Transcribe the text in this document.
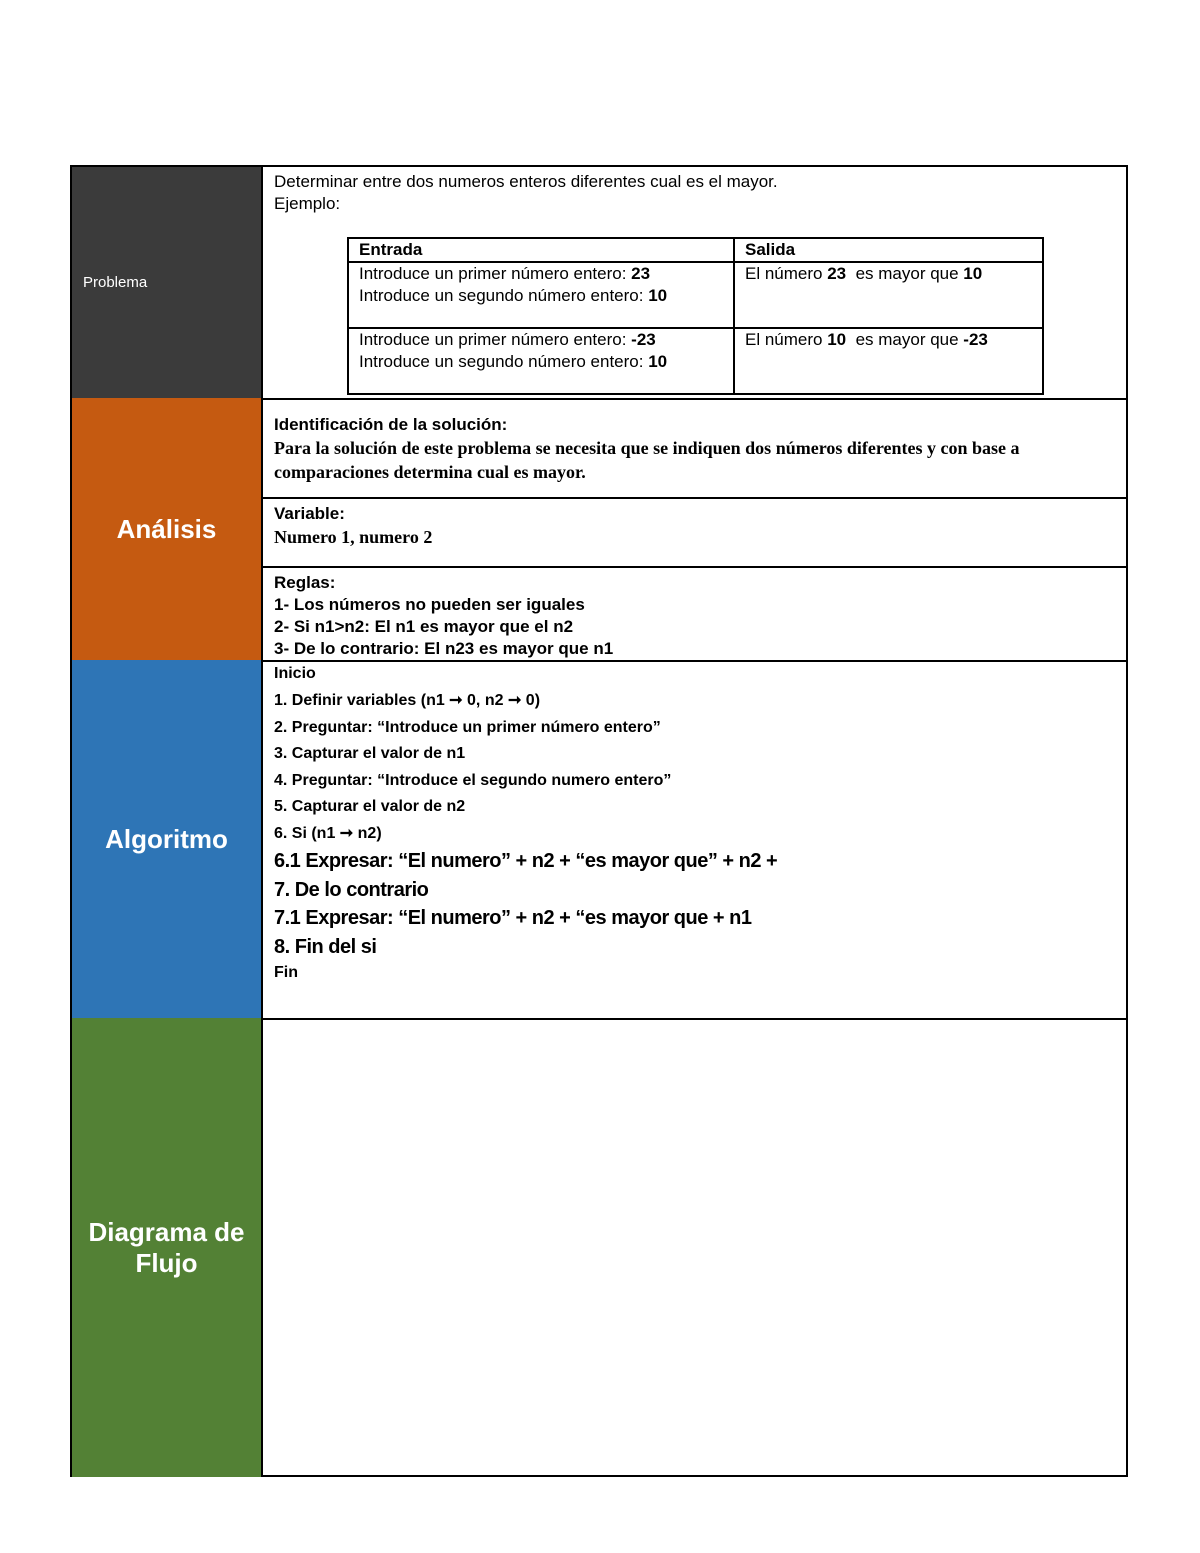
Problema
Determinar entre dos numeros enteros diferentes cual es el mayor.
Ejemplo:
Entrada	Salida
Introduce un primer número entero: 23
Introduce un segundo número entero: 10	El número 23  es mayor que 10
Introduce un primer número entero: -23
Introduce un segundo número entero: 10	El número 10  es mayor que -23
Análisis
Identificación de la solución:
Para la solución de este problema se necesita que se indiquen dos números diferentes y con base a comparaciones determina cual es mayor.
Variable:
Numero 1, numero 2
Reglas:
1- Los números no pueden ser iguales
2- Si n1>n2: El n1 es mayor que el n2
3- De lo contrario: El n23 es mayor que n1
Algoritmo
Inicio
1. Definir variables (n1 ➞ 0, n2 ➞ 0)
2. Preguntar: “Introduce un primer número entero”
3. Capturar el valor de n1
4. Preguntar: “Introduce el segundo numero entero”
5. Capturar el valor de n2
6. Si (n1 ➞ n2)
6.1 Expresar: “El numero” + n2 + “es mayor que” + n2 +
7. De lo contrario
7.1 Expresar: “El numero” + n2 + “es mayor que + n1
8. Fin del si
Fin
Diagrama de
Flujo
